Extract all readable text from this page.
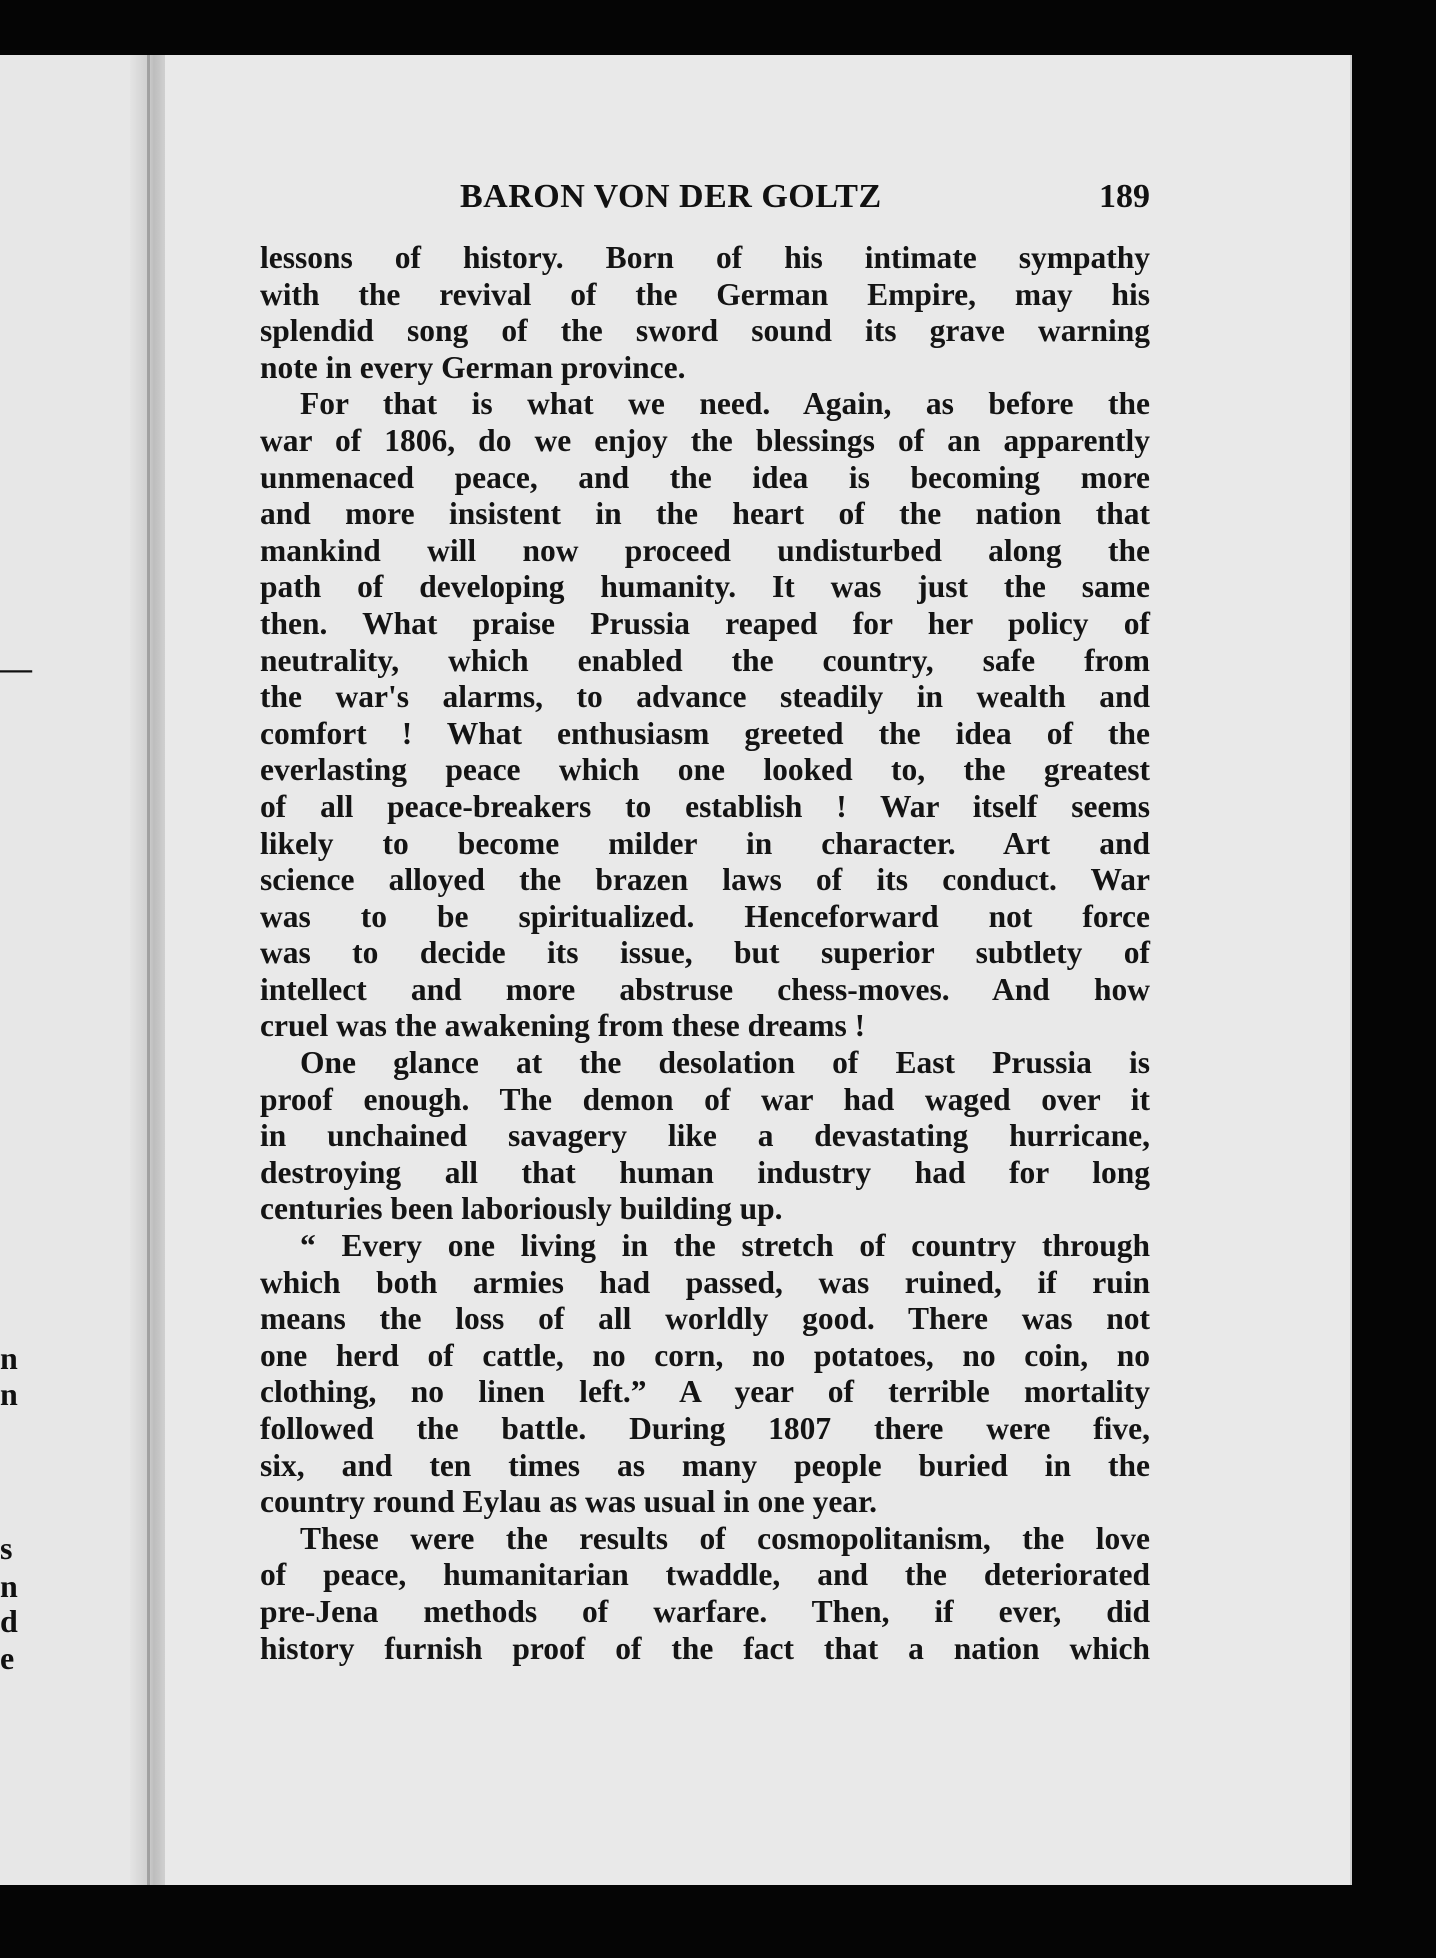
—
n
n
s
n
d
e
BARON VON DER GOLTZ	189
lessons of history. Born of his intimate sympathy
with the revival of the German Empire, may his
splendid song of the sword sound its grave warning
note in every German province.
For that is what we need. Again, as before the
war of 1806, do we enjoy the blessings of an apparently
unmenaced peace, and the idea is becoming more
and more insistent in the heart of the nation that
mankind will now proceed undisturbed along the
path of developing humanity. It was just the same
then. What praise Prussia reaped for her policy of
neutrality, which enabled the country, safe from
the war's alarms, to advance steadily in wealth and
comfort ! What enthusiasm greeted the idea of the
everlasting peace which one looked to, the greatest
of all peace-breakers to establish ! War itself seems
likely to become milder in character. Art and
science alloyed the brazen laws of its conduct. War
was to be spiritualized. Henceforward not force
was to decide its issue, but superior subtlety of
intellect and more abstruse chess-moves. And how
cruel was the awakening from these dreams !
One glance at the desolation of East Prussia is
proof enough. The demon of war had waged over it
in unchained savagery like a devastating hurricane,
destroying all that human industry had for long
centuries been laboriously building up.
“ Every one living in the stretch of country through
which both armies had passed, was ruined, if ruin
means the loss of all worldly good. There was not
one herd of cattle, no corn, no potatoes, no coin, no
clothing, no linen left.” A year of terrible mortality
followed the battle. During 1807 there were five,
six, and ten times as many people buried in the
country round Eylau as was usual in one year.
These were the results of cosmopolitanism, the love
of peace, humanitarian twaddle, and the deteriorated
pre-Jena methods of warfare. Then, if ever, did
history furnish proof of the fact that a nation which
